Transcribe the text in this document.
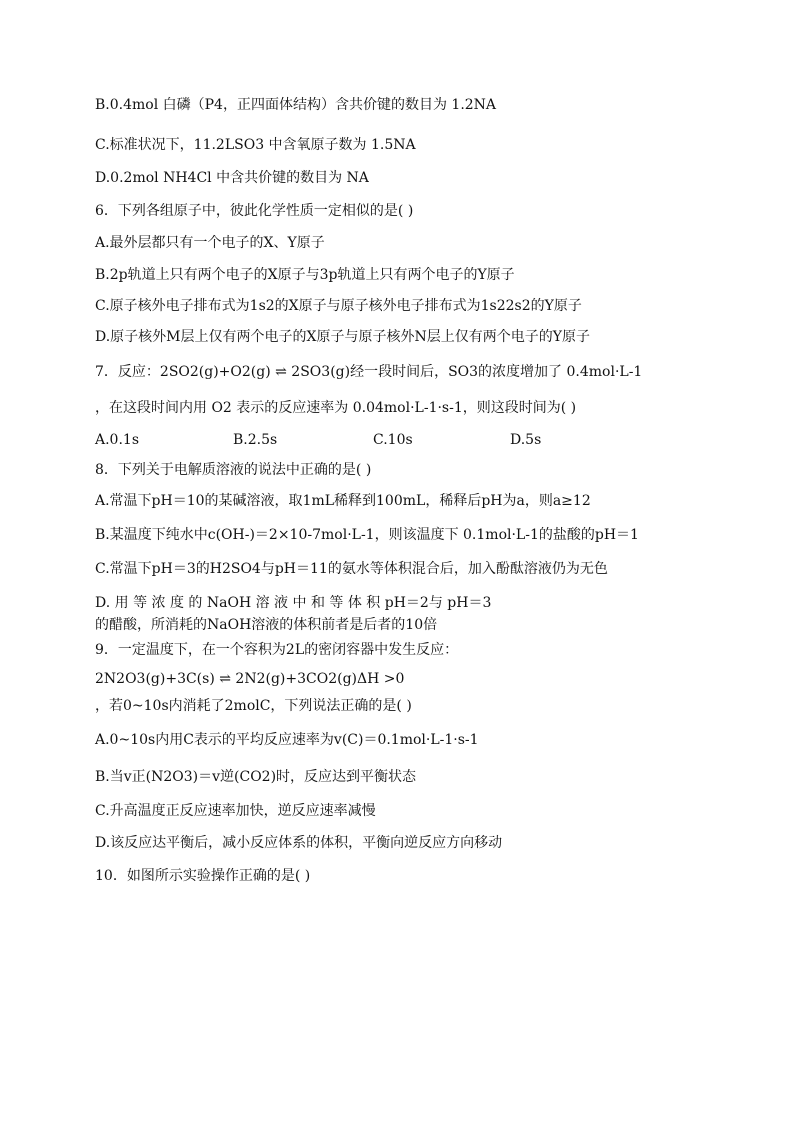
B.0.4mol 白磷（P4，正四面体结构）含共价键的数目为 1.2NA
C.标准状况下，11.2LSO3 中含氧原子数为 1.5NA
D.0.2mol NH4Cl 中含共价键的数目为 NA
6．下列各组原子中，彼此化学性质一定相似的是( )
A.最外层都只有一个电子的X、Y原子
B.2p轨道上只有两个电子的X原子与3p轨道上只有两个电子的Y原子
C.原子核外电子排布式为1s2的X原子与原子核外电子排布式为1s22s2的Y原子
D.原子核外M层上仅有两个电子的X原子与原子核外N层上仅有两个电子的Y原子
7．反应：2SO2(g)+O2(g) ⇌ 2SO3(g)经一段时间后，SO3的浓度增加了 0.4mol·L-1
，在这段时间内用 O2 表示的反应速率为 0.04mol·L-1·s-1，则这段时间为( )
A.0.1s	B.2.5s	C.10s	D.5s
8．下列关于电解质溶液的说法中正确的是( )
A.常温下pH＝10的某碱溶液，取1mL稀释到100mL，稀释后pH为a，则a≥12
B.某温度下纯水中c(OH-)＝2×10-7mol·L-1，则该温度下 0.1mol·L-1的盐酸的pH＝1
C.常温下pH＝3的H2SO4与pH＝11的氨水等体积混合后，加入酚酞溶液仍为无色
D. 用 等 浓 度 的 NaOH 溶 液 中 和 等 体 积 pH＝2与 pH＝3
的醋酸，所消耗的NaOH溶液的体积前者是后者的10倍
9．一定温度下，在一个容积为2L的密闭容器中发生反应：
2N2O3(g)+3C(s) ⇌ 2N2(g)+3CO2(g)ΔH >0
，若0~10s内消耗了2molC，下列说法正确的是( )
A.0~10s内用C表示的平均反应速率为v(C)＝0.1mol·L-1·s-1
B.当v正(N2O3)＝v逆(CO2)时，反应达到平衡状态
C.升高温度正反应速率加快，逆反应速率减慢
D.该反应达平衡后，减小反应体系的体积，平衡向逆反应方向移动
10．如图所示实验操作正确的是( )
